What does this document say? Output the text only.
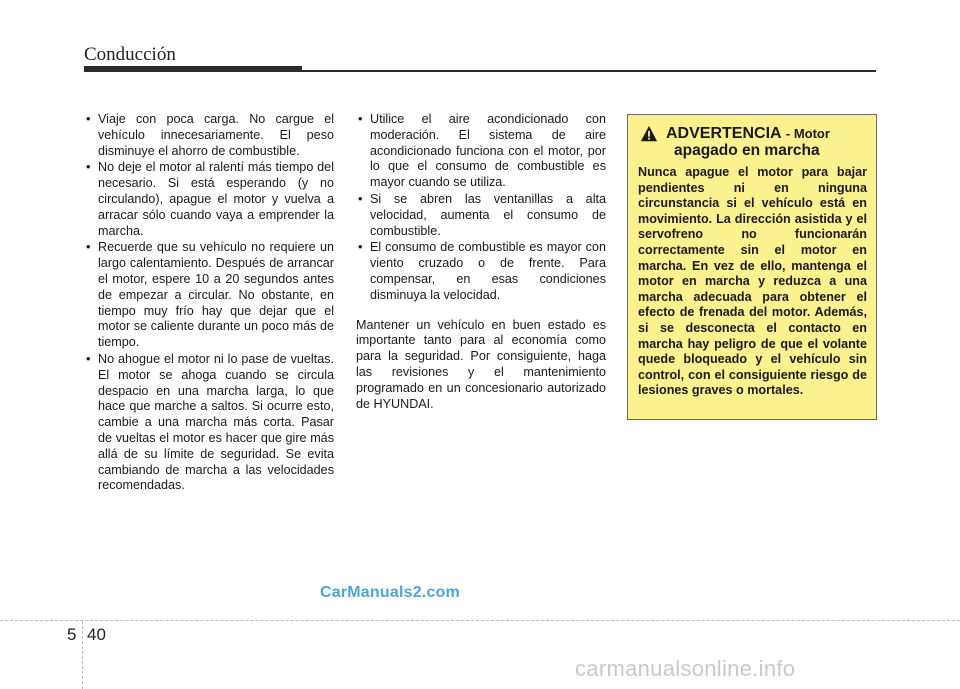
Conducción
• Viaje con poca carga. No cargue el vehículo innecesariamente. El peso disminuye el ahorro de combustible.
• No deje el motor al ralentí más tiempo del necesario. Si está esperando (y no circulando), apague el motor y vuelva a arracar sólo cuando vaya a emprender la marcha.
• Recuerde que su vehículo no requiere un largo calentamiento. Después de arrancar el motor, espere 10 a 20 segundos antes de empezar a circular. No obstante, en tiempo muy frío hay que dejar que el motor se caliente durante un poco más de tiempo.
• No ahogue el motor ni lo pase de vueltas. El motor se ahoga cuando se circula despacio en una marcha larga, lo que hace que marche a saltos. Si ocurre esto, cambie a una marcha más corta. Pasar de vueltas el motor es hacer que gire más allá de su límite de seguridad. Se evita cambiando de marcha a las velocidades recomendadas.
• Utilice el aire acondicionado con moderación. El sistema de aire acondicionado funciona con el motor, por lo que el consumo de combustible es mayor cuando se utiliza.
• Si se abren las ventanillas a alta velocidad, aumenta el consumo de combustible.
• El consumo de combustible es mayor con viento cruzado o de frente. Para compensar, en esas condiciones disminuya la velocidad.

Mantener un vehículo en buen estado es importante tanto para al economía como para la seguridad. Por consiguiente, haga las revisiones y el mantenimiento programado en un concesionario autorizado de HYUNDAI.

ADVERTENCIA - Motor
apagado en marcha

Nunca apague el motor para bajar pendientes ni en ninguna circunstancia si el vehículo está en movimiento. La dirección asistida y el servofreno no funcionarán correctamente sin el motor en marcha. En vez de ello, mantenga el motor en marcha y reduzca a una marcha adecuada para obtener el efecto de frenada del motor. Además, si se desconecta el contacto en marcha hay peligro de que el volante quede bloqueado y el vehículo sin control, con el consiguiente riesgo de lesiones graves o mortales.

CarManuals2.com
5 40
carmanualsonline.info
